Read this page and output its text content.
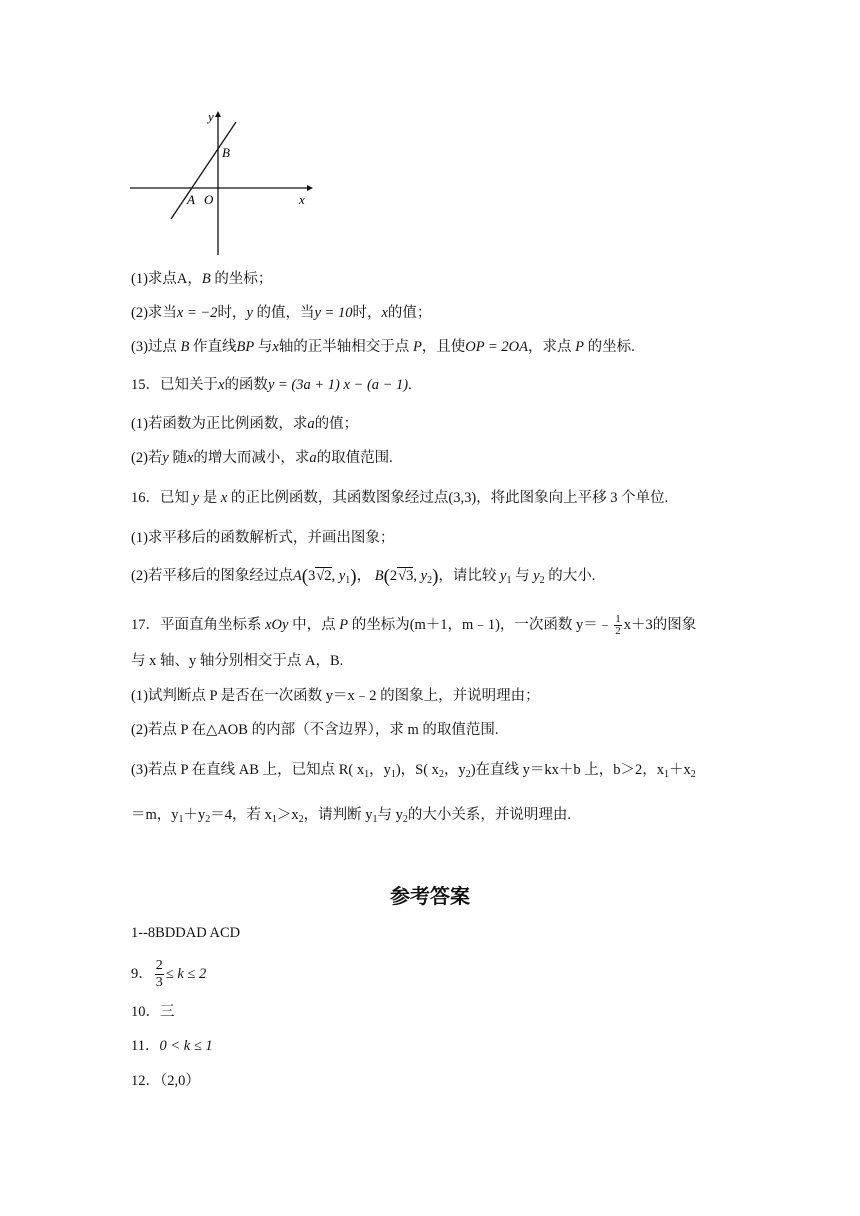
y
x
B
A O
(1)求点A，B 的坐标；
(2)求当x = −2时，y 的值，当y = 10时，x的值；
(3)过点 B 作直线BP 与x轴的正半轴相交于点 P，且使OP = 2OA，求点 P 的坐标.
15．已知关于x的函数y = (3a + 1) x − (a − 1).
(1)若函数为正比例函数，求a的值；
(2)若y 随x的增大而减小，求a的取值范围.
16．已知 y 是 x 的正比例函数，其函数图象经过点(3,3)，将此图象向上平移 3 个单位.
(1)求平移后的函数解析式，并画出图象；
(2)若平移后的图象经过点A(3√2, $y_1$)， B(2√3, $y_2$)，请比较 $y_1$ 与 $y_2$ 的大小.
17．平面直角坐标系 xOy 中，点 P 的坐标为(m＋1，m﹣1)，一次函数 y＝﹣ $\frac{1}{2} x+3$的图象
与 x 轴、y 轴分别相交于点 A，B.
(1)试判断点 P 是否在一次函数 y＝x﹣2 的图象上，并说明理由；
(2)若点 P 在△AOB 的内部（不含边界），求 m 的取值范围.
(3)若点 P 在直线 AB 上，已知点 R( $x_1$，$y_1$)，S( $x_2$，$y_2$)在直线 y＝kx＋b 上，b＞2，$x_1+x_2$
＝m，$y_1+y_2=4$，若 $x_1>x_2$，请判断 $y_1$与 $y_2$的大小关系，并说明理由.
参考答案
1--8BDDAD ACD
9． $\frac{2}{3} \le k \le 2$
10．三
11．0 < k ≤ 1
12．（2,0）
